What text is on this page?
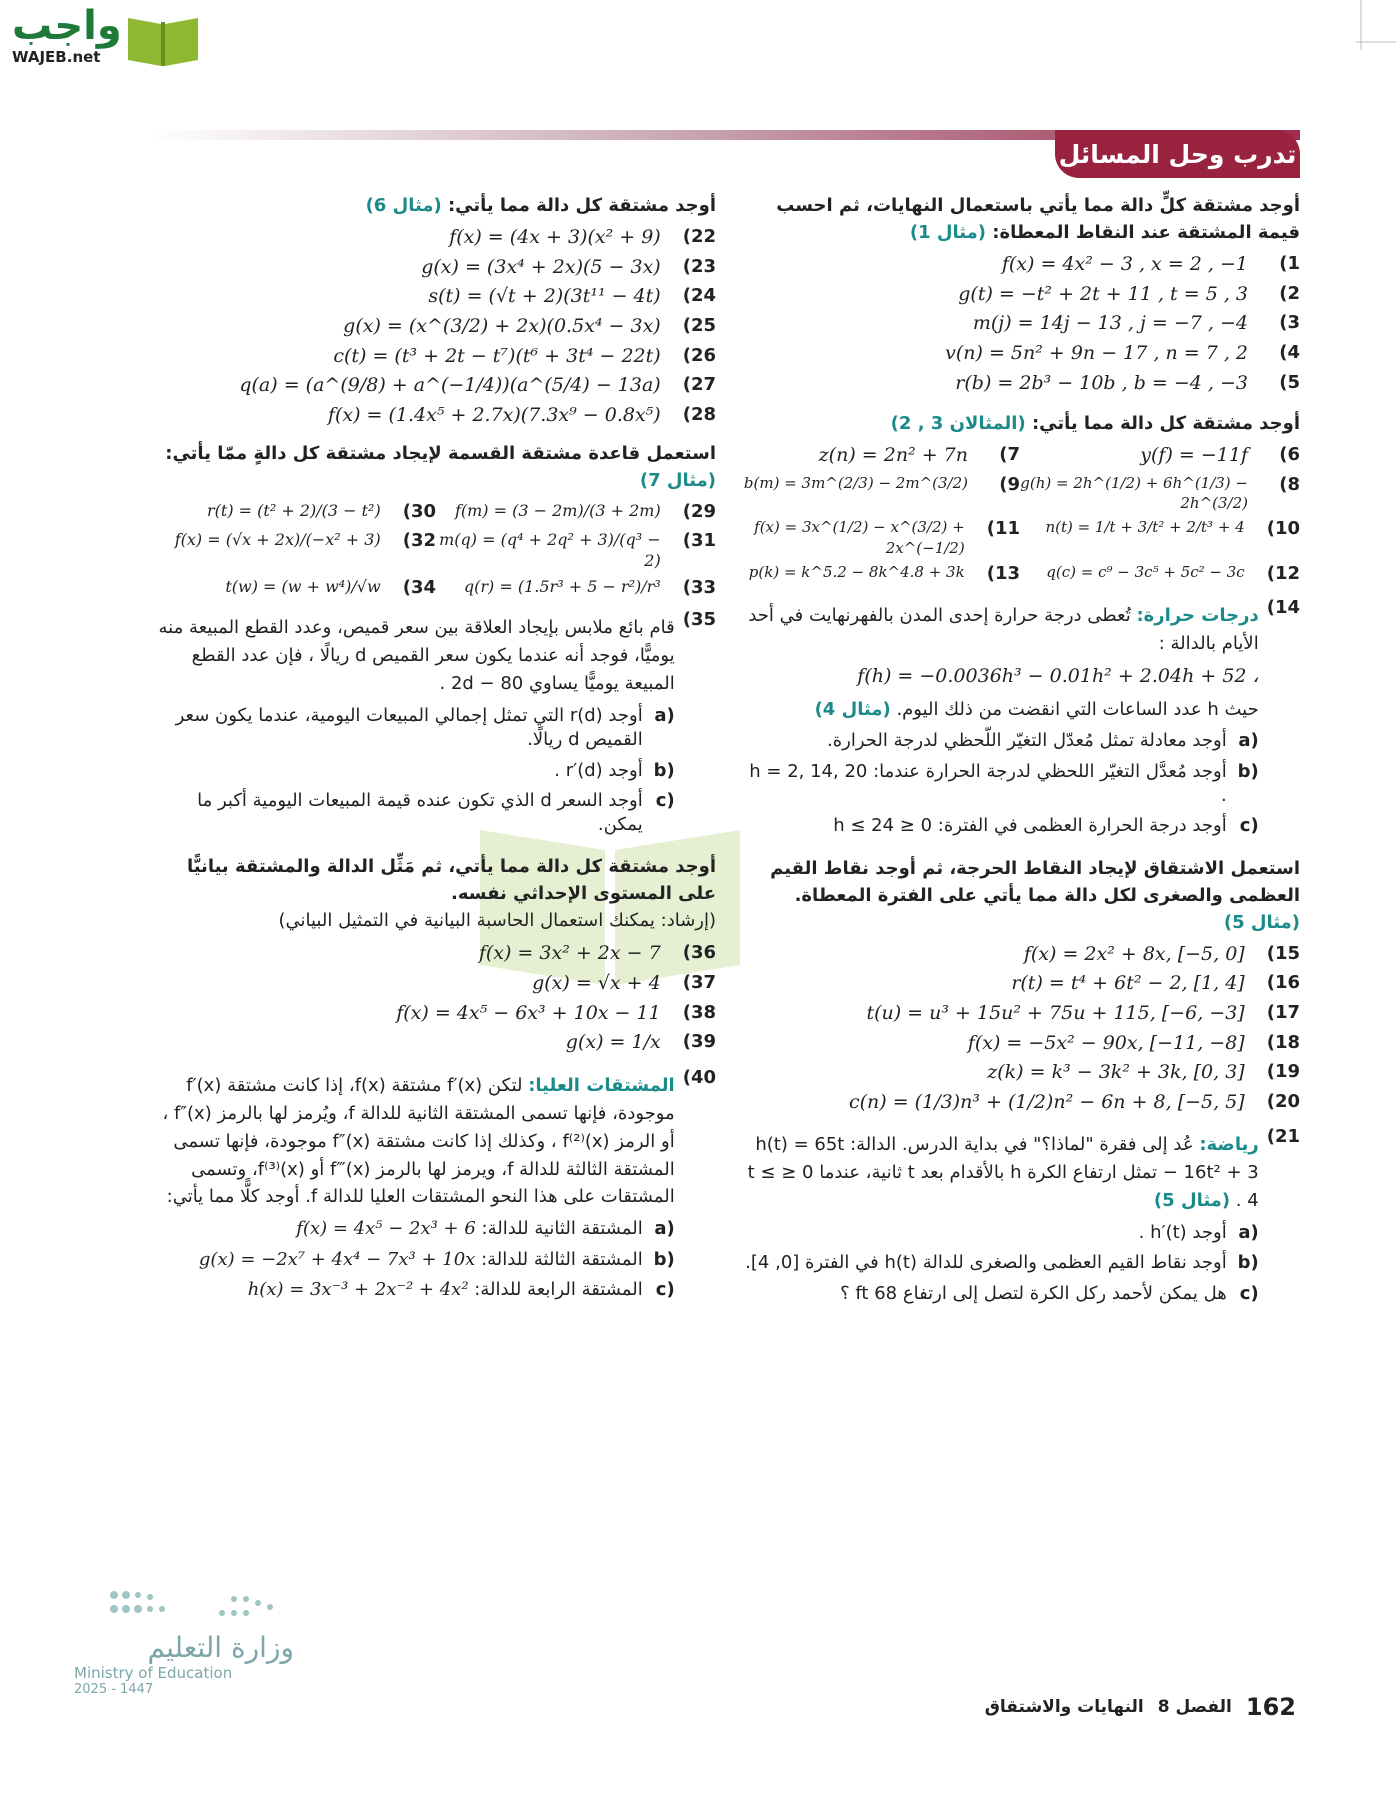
واجب
WAJEB.net
تدرب وحل المسائل
أوجد مشتقة كلٍّ دالة مما يأتي باستعمال النهايات، ثم احسب قيمة المشتقة عند النقاط المعطاة: (مثال 1)
1)
f(x) = 4x² − 3 , x = 2 , −1
2)
g(t) = −t² + 2t + 11 , t = 5 , 3
3)
m(j) = 14j − 13 , j = −7 , −4
4)
v(n) = 5n² + 9n − 17 , n = 7 , 2
5)
r(b) = 2b³ − 10b , b = −4 , −3
أوجد مشتقة كل دالة مما يأتي: (المثالان 3 , 2)
6)
y(f) = −11f
7)
z(n) = 2n² + 7n
8)
g(h) = 2h^(1/2) + 6h^(1/3) − 2h^(3/2)
9)
b(m) = 3m^(2/3) − 2m^(3/2)
10)
n(t) = 1/t + 3/t² + 2/t³ + 4
11)
f(x) = 3x^(1/2) − x^(3/2) + 2x^(−1/2)
12)
q(c) = c⁹ − 3c⁵ + 5c² − 3c
13)
p(k) = k^5.2 − 8k^4.8 + 3k
14)
درجات حرارة: تُعطى درجة حرارة إحدى المدن بالفهرنهايت في أحد الأيام بالدالة :
f(h) = −0.0036h³ − 0.01h² + 2.04h + 52 ،
حيث h عدد الساعات التي انقضت من ذلك اليوم. (مثال 4)
a)
أوجد معادلة تمثل مُعدّل التغيّر اللّحظي لدرجة الحرارة.
b)
أوجد مُعدَّل التغيّر اللحظي لدرجة الحرارة عندما: h = 2, 14, 20 .
c)
أوجد درجة الحرارة العظمى في الفترة: 0 ≤ h ≤ 24
استعمل الاشتقاق لإيجاد النقاط الحرجة، ثم أوجد نقاط القيم العظمى والصغرى لكل دالة مما يأتي على الفترة المعطاة. (مثال 5)
15)
f(x) = 2x² + 8x, [−5, 0]
16)
r(t) = t⁴ + 6t² − 2, [1, 4]
17)
t(u) = u³ + 15u² + 75u + 115, [−6, −3]
18)
f(x) = −5x² − 90x, [−11, −8]
19)
z(k) = k³ − 3k² + 3k, [0, 3]
20)
c(n) = (1/3)n³ + (1/2)n² − 6n + 8, [−5, 5]
21)
رياضة: عُد إلى فقرة "لماذا؟" في بداية الدرس. الدالة: h(t) = 65t − 16t² + 3 تمثل ارتفاع الكرة h بالأقدام بعد t ثانية، عندما 0 ≤ t ≤ 4 . (مثال 5)
a)
أوجد h′(t) .
b)
أوجد نقاط القيم العظمى والصغرى للدالة h(t) في الفترة [0, 4].
c)
هل يمكن لأحمد ركل الكرة لتصل إلى ارتفاع 68 ft ؟
أوجد مشتقة كل دالة مما يأتي: (مثال 6)
22)
f(x) = (4x + 3)(x² + 9)
23)
g(x) = (3x⁴ + 2x)(5 − 3x)
24)
s(t) = (√t + 2)(3t¹¹ − 4t)
25)
g(x) = (x^(3/2) + 2x)(0.5x⁴ − 3x)
26)
c(t) = (t³ + 2t − t⁷)(t⁶ + 3t⁴ − 22t)
27)
q(a) = (a^(9/8) + a^(−1/4))(a^(5/4) − 13a)
28)
f(x) = (1.4x⁵ + 2.7x)(7.3x⁹ − 0.8x⁵)
استعمل قاعدة مشتقة القسمة لإيجاد مشتقة كل دالةٍ ممّا يأتي: (مثال 7)
29)
f(m) = (3 − 2m)/(3 + 2m)
30)
r(t) = (t² + 2)/(3 − t²)
31)
m(q) = (q⁴ + 2q² + 3)/(q³ − 2)
32)
f(x) = (√x + 2x)/(−x² + 3)
33)
q(r) = (1.5r³ + 5 − r²)/r³
34)
t(w) = (w + w⁴)/√w
35)
قام بائع ملابس بإيجاد العلاقة بين سعر قميص، وعدد القطع المبيعة منه يوميًّا، فوجد أنه عندما يكون سعر القميص d ريالًا ، فإن عدد القطع المبيعة يوميًّا يساوي 2d − 80 .
a)
أوجد r(d) التي تمثل إجمالي المبيعات اليومية، عندما يكون سعر القميص d ريالًا.
b)
أوجد r′(d) .
c)
أوجد السعر d الذي تكون عنده قيمة المبيعات اليومية أكبر ما يمكن.
أوجد مشتقة كل دالة مما يأتي، ثم مَثِّل الدالة والمشتقة بيانيًّا على المستوى الإحداثي نفسه.
(إرشاد: يمكنك استعمال الحاسبة البيانية في التمثيل البياني)
36)
f(x) = 3x² + 2x − 7
37)
g(x) = √x + 4
38)
f(x) = 4x⁵ − 6x³ + 10x − 11
39)
g(x) = 1/x
40)
المشتقات العليا: لتكن f′(x) مشتقة f(x)، إذا كانت مشتقة f′(x) موجودة، فإنها تسمى المشتقة الثانية للدالة f، ويُرمز لها بالرمز f″(x) ، أو الرمز f⁽²⁾(x) ، وكذلك إذا كانت مشتقة f″(x) موجودة، فإنها تسمى المشتقة الثالثة للدالة f، ويرمز لها بالرمز f‴(x) أو f⁽³⁾(x)، وتسمى المشتقات على هذا النحو المشتقات العليا للدالة f. أوجد كلًّا مما يأتي:
a)
المشتقة الثانية للدالة:

f(x) = 4x⁵ − 2x³ + 6
b)
المشتقة الثالثة للدالة:

g(x) = −2x⁷ + 4x⁴ − 7x³ + 10x
c)
المشتقة الرابعة للدالة:

h(x) = 3x⁻³ + 2x⁻² + 4x²
وزارة التعليم
Ministry of Education
2025 - 1447
162
الفصل 8
النهايات والاشتقاق
